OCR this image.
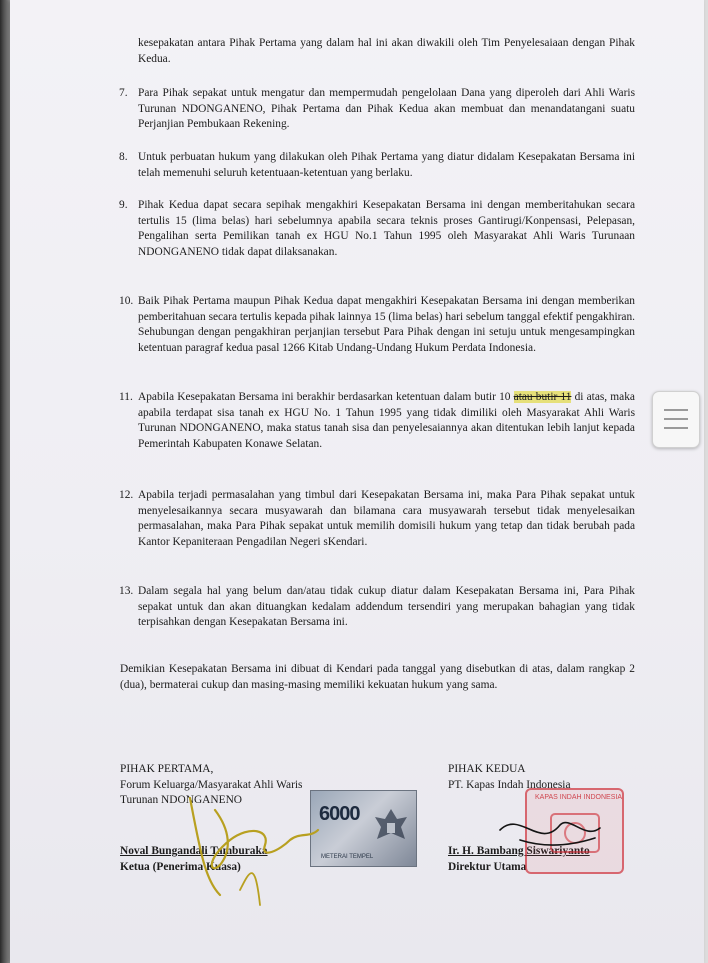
kesepakatan antara Pihak Pertama yang dalam hal ini akan diwakili oleh Tim Penyelesaiaan dengan Pihak Kedua.
7. Para Pihak sepakat untuk mengatur dan mempermudah pengelolaan Dana yang diperoleh dari Ahli Waris Turunan NDONGANENO, Pihak Pertama dan Pihak Kedua akan membuat dan menandatangani suatu Perjanjian Pembukaan Rekening.
8. Untuk perbuatan hukum yang dilakukan oleh Pihak Pertama yang diatur didalam Kesepakatan Bersama ini telah memenuhi seluruh ketentuaan-ketentuan yang berlaku.
9. Pihak Kedua dapat secara sepihak mengakhiri Kesepakatan Bersama ini dengan memberitahukan secara tertulis 15 (lima belas) hari sebelumnya apabila secara teknis proses Gantirugi/Konpensasi, Pelepasan, Pengalihan serta Pemilikan tanah ex HGU No.1 Tahun 1995 oleh Masyarakat Ahli Waris Turunaan NDONGANENO tidak dapat dilaksanakan.
10. Baik Pihak Pertama maupun Pihak Kedua dapat mengakhiri Kesepakatan Bersama ini dengan memberikan pemberitahuan secara tertulis kepada pihak lainnya 15 (lima belas) hari sebelum tanggal efektif pengakhiran. Sehubungan dengan pengakhiran perjanjian tersebut Para Pihak dengan ini setuju untuk mengesampingkan ketentuan paragraf kedua pasal 1266 Kitab Undang-Undang Hukum Perdata Indonesia.
11. Apabila Kesepakatan Bersama ini berakhir berdasarkan ketentuan dalam butir 10 atau butir 11 di atas, maka apabila terdapat sisa tanah ex HGU No. 1 Tahun 1995 yang tidak dimiliki oleh Masyarakat Ahli Waris Turunan NDONGANENO, maka status tanah sisa dan penyelesaiannya akan ditentukan lebih lanjut kepada Pemerintah Kabupaten Konawe Selatan.
12. Apabila terjadi permasalahan yang timbul dari Kesepakatan Bersama ini, maka Para Pihak sepakat untuk menyelesaikannya secara musyawarah dan bilamana cara musyawarah tersebut tidak menyelesaikan permasalahan, maka Para Pihak sepakat untuk memilih domisili hukum yang tetap dan tidak berubah pada Kantor Kepaniteraan Pengadilan Negeri sKendari.
13. Dalam segala hal yang belum dan/atau tidak cukup diatur dalam Kesepakatan Bersama ini, Para Pihak sepakat untuk dan akan dituangkan kedalam addendum tersendiri yang merupakan bahagian yang tidak terpisahkan dengan Kesepakatan Bersama ini.
Demikian Kesepakatan Bersama ini dibuat di Kendari pada tanggal yang disebutkan di atas, dalam rangkap 2 (dua), bermaterai cukup dan masing-masing memiliki kekuatan hukum yang sama.
PIHAK PERTAMA,
Forum Keluarga/Masyarakat Ahli Waris
Turunan NDONGANENO
Noval Bungandali Tamburaka
Ketua (Penerima Kuasa)
PIHAK KEDUA
PT. Kapas Indah Indonesia
Ir. H. Bambang Siswariyanto
Direktur Utama
6000
METERAI TEMPEL
KAPAS INDAH INDONESIA
